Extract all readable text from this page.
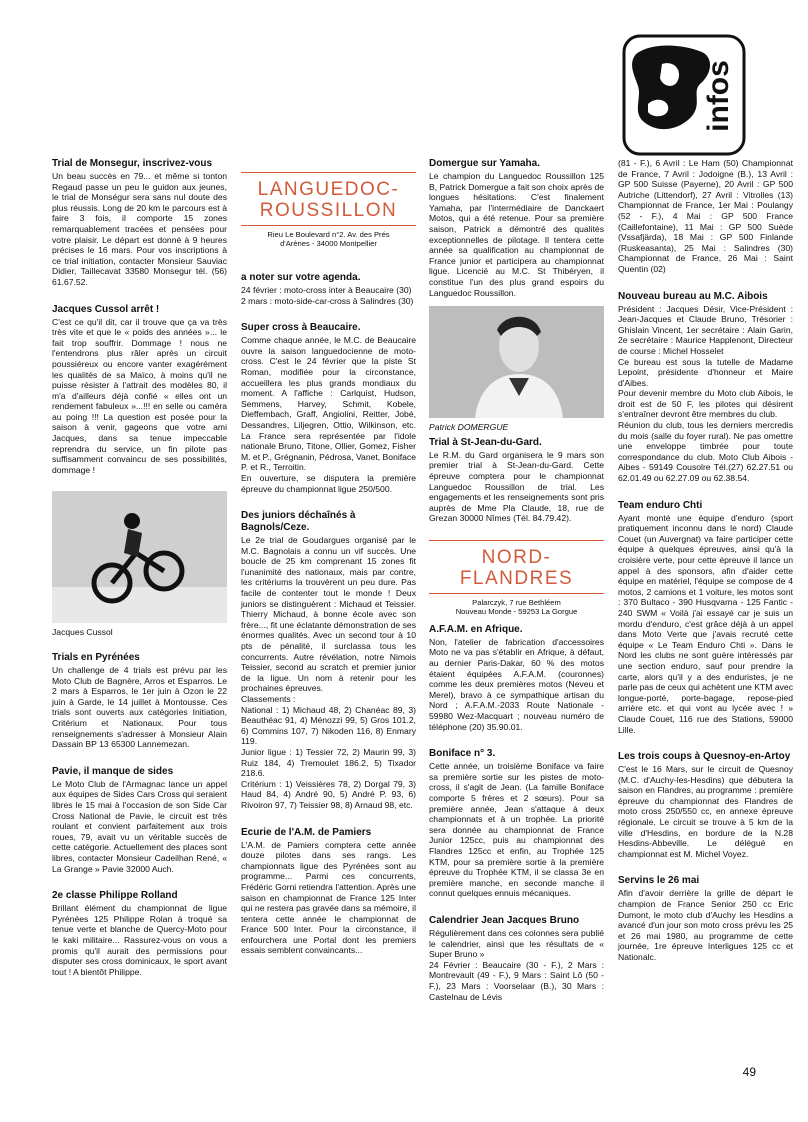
infos
Trial de Monsegur, inscrivez-vous

Un beau succès en 79... et même si tonton Regaud passe un peu le guidon aux jeunes, le trial de Monségur sera sans nul doute des plus réussis. Long de 20 km le parcours est à faire 3 fois, il comporte 15 zones remarquablement tracées et pensées pour votre plaisir. Le départ est donné à 9 heures précises le 16 mars. Pour vos inscriptions à ce trial initiation, contacter Monsieur Sauviac Didier, Taillecavat 33580 Monsegur tél. (56) 61.67.52.

Jacques Cussol arrêt !

C'est ce qu'il dit, car il trouve que ça va très très vite et que le « poids des années »... le fait trop souffrir. Dommage ! nous ne l'entendrons plus râler après un circuit poussiéreux ou encore vanter exagérément les qualités de sa Maïco, à moins qu'il ne puisse résister à l'attrait des modèles 80, il m'a d'ailleurs déjà confié « elles ont un rendement fabuleux »...!!! en selle ou caméra au poing !!! La question est posée pour la saison à venir, gageons que votre ami Jacques, dans sa tenue impeccable reprendra du service, un fin pilote pas suffisamment convaincu de ses possibilités, dommage !

Jacques Cussol
Trials en Pyrénées

Un challenge de 4 trials est prévu par les Moto Club de Bagnère, Arros et Esparros. Le 2 mars à Esparros, le 1er juin à Ozon le 22 juin à Garde, le 14 juillet à Montousse. Ces trials sont ouverts aux catégories Initiation, Critérium et Nationaux. Pour tous renseignements s'adresser à Monsieur Alain Dassain BP 13 65300 Lannemezan.

Pavie, il manque de sides

Le Moto Club de l'Armagnac lance un appel aux équipes de Sides Cars Cross qui seraient libres le 15 mai à l'occasion de son Side Car Cross National de Pavie, le circuit est très roulant et convient parfaitement aux trois roues, 79, avait vu un véritable succès de cette catégorie. Actuellement des places sont libres, contacter Monsieur Cadeilhan René, « La Grange » Pavie 32000 Auch.

2e classe Philippe Rolland

Brillant élément du championnat de ligue Pyrénées 125 Philippe Rolan à troqué sa tenue verte et blanche de Quercy-Moto pour le kaki militaire... Rassurez-vous on vous a promis qu'il aurait des permissions pour disputer ses cross dominicaux, le sport avant tout ! A bientôt Philippe.

LANGUEDOC-
ROUSSILLON
Rieu Le Boulevard n°2. Av. des Prés
d'Arènes - 34000 Montpellier
a noter sur votre agenda.

24 février : moto-cross inter à Beaucaire (30)
2 mars : moto-side-car-cross à Salindres (30)

Super cross à Beaucaire.

Comme chaque année, le M.C. de Beaucaire ouvre la saison languedocienne de moto-cross. C'est le 24 février que la piste St Roman, modifiée pour la circonstance, accueillera les plus grands mondiaux du moment. A l'affiche : Carlquist, Hudson, Semmens, Harvey, Schmit, Kobele, Dieffembach, Graff, Angiolini, Reitter, Jobé, Dessandres, Liljegren, Ottio, Wilkinson, etc. La France sera représentée par l'idole nationale Bruno, Titone, Ollier, Gomez, Fisher M. et P., Grégnanin, Pédrosa, Vanet, Boniface P. et R., Terroitin.
En ouverture, se disputera la première épreuve du championnat ligue 250/500.

Des juniors déchaînés à Bagnols/Ceze.

Le 2e trial de Goudargues organisé par le M.C. Bagnolais a connu un vif succès. Une boucle de 25 km comprenant 15 zones fit l'unanimité des nationaux, mais par contre, les critériums la trouvèrent un peu dure. Pas facile de contenter tout le monde ! Deux juniors se distinguèrent : Michaud et Teissier. Thierry Michaud, à bonne école avec son frère..., fit une éclatante démonstration de ses énormes qualités. Avec un second tour à 10 pts de pénalité, il surclassa tous les concurrents. Autre révélation, notre Nimois Teissier, second au scratch et premier junior de la ligue. Un nom à retenir pour les prochaines épreuves.
Classements :
National : 1) Michaud 48, 2) Chanéac 89, 3) Beauthéac 91, 4) Ménozzi 99, 5) Gros 101.2, 6) Commins 107, 7) Nikoden 116, 8) Enmary 119.
Junior ligue : 1) Tessier 72, 2) Maurin 99, 3) Ruiz 184, 4) Tremoulet 186.2, 5) Tixador 218.6.
Critérium : 1) Veissières 78, 2) Dorgal 79, 3) Haud 84, 4) André 90, 5) André P. 93, 6) Rivoiron 97, 7) Teissier 98, 8) Arnaud 98, etc.

Ecurie de l'A.M. de Pamiers

L'A.M. de Pamiers comptera cette année douze pilotes dans ses rangs. Les championnats ligue des Pyrénées sont au programme... Parmi ces concurrents, Frédéric Gorni retiendra l'attention. Après une saison en championnat de France 125 Inter qui ne restera pas gravée dans sa mémoire, il tentera cette année le championnat de France 500 Inter. Pour la circonstance, il enfourchera une Portal dont les premiers essais semblent convaincants...

Domergue sur Yamaha.

Le champion du Languedoc Roussillon 125 B, Patrick Domergue a fait son choix après de longues hésitations. C'est finalement Yamaha, par l'intermédiaire de Danckaert Motos, qui a été retenue. Pour sa première saison, Patrick a démontré des qualités exceptionnelles de pilotage. Il tentera cette année sa qualification au championnat de France junior et participera au championnat ligue. Licencié au M.C. St Thibéryen, il constitue l'un des plus grand espoirs du Languedoc Roussillon.

Patrick DOMERGUE
Trial à St-Jean-du-Gard.

Le R.M. du Gard organisera le 9 mars son premier trial à St-Jean-du-Gard. Cette épreuve comptera pour le championnat Languedoc Roussillon de trial. Les engagements et les renseignements sont pris auprès de Mme Pla Claude, 18, rue de Grezan 30000 Nîmes (Tél. 84.79.42).

NORD-
FLANDRES
Palarczyk, 7 rue Bethléem
Nouveau Monde - 59253 La Gorgue
A.F.A.M. en Afrique.

Non, l'atelier de fabrication d'accessoires Moto ne va pas s'établir en Afrique, à défaut, au dernier Paris-Dakar, 60 % des motos étaient équipées A.F.A.M. (couronnes) comme les deux premières motos (Neveu et Merel), bravo à ce sympathique artisan du Nord ; A.F.A.M.-2033 Route Nationale - 59980 Wez-Macquart ; nouveau numéro de téléphone (20) 35.90.01.

Boniface n° 3.

Cette année, un troisième Boniface va faire sa première sortie sur les pistes de moto-cross, il s'agit de Jean. (La famille Boniface comporte 5 frères et 2 sœurs). Pour sa première année, Jean s'attaque à deux championnats et à un trophée. La priorité sera donnée au championnat de France Junior 125cc, puis au championnat des Flandres 125cc et enfin, au Trophée 125 KTM, pour sa première sortie à la première épreuve du Trophée KTM, il se classa 3e en première manche, en seconde manche il connut quelques ennuis mécaniques.

Calendrier Jean Jacques Bruno

Régulièrement dans ces colonnes sera publié le calendrier, ainsi que les résultats de « Super Bruno »
24 Février : Beaucaire (30 - F.), 2 Mars : Montrevault (49 - F.), 9 Mars : Saint Lô (50 - F.), 23 Mars : Voorselaar (B.), 30 Mars : Castelnau de Lévis

(81 - F.), 6 Avril : Le Ham (50) Championnat de France, 7 Avril : Jodoigne (B.), 13 Avril : GP 500 Suisse (Payerne), 20 Avril : GP 500 Autriche (Littendorf), 27 Avril : Vitrolles (13) Championnat de France, 1er Mai : Poulangy (52 - F.), 4 Mai : GP 500 France (Caillefontaine), 11 Mai : GP 500 Suède (Vssafjärda), 18 Mai : GP 500 Finlande (Ruskeasanta), 25 Mai : Salindres (30) Championnat de France, 26 Mai : Saint Quentin (02)

Nouveau bureau au M.C. Aibois

Président : Jacques Désir, Vice-Président : Jean-Jacques et Claude Bruno, Trésorier : Ghislain Vincent, 1er secrétaire : Alain Garin, 2e secrétaire : Maurice Happlenont, Directeur de course : Michel Hosselet
Ce bureau est sous la tutelle de Madame Lepoint, présidente d'honneur et Maire d'Aibes.
Pour devenir membre du Moto club Aibois, le droit est de 50 F, les pilotes qui désirent s'entraîner devront être membres du club.
Réunion du club, tous les derniers mercredis du mois (salle du foyer rural). Ne pas omettre une enveloppe timbrée pour toute correspondance du club. Moto Club Aibois - Aibes - 59149 Cousolre Tél.(27) 62.27.51 ou 62.01.49 ou 62.27.09 ou 62.38.54.

Team enduro Chti

Ayant monté une équipe d'enduro (sport pratiquement inconnu dans le nord) Claude Couet (un Auvergnat) va faire participer cette équipe à quelques épreuves, ainsi qu'à la croisière verte, pour cette épreuve il lance un appel à des sponsors, afin d'aider cette équipe en matériel, l'équipe se compose de 4 motos, 2 camions et 1 voiture, les motos sont : 370 Bultaco - 390 Husqvarna - 125 Fantic - 240 SWM « Voilà j'ai essayé car je suis un mordu d'enduro, c'est grâce déjà à un appel dans Moto Verte que j'avais recruté cette équipe « Le Team Enduro Chti ». Dans le Nord les clubs ne sont guère intéressés par une section enduro, sauf pour prendre la carte, alors qu'il y a des enduristes, je ne parle pas de ceux qui achètent une KTM avec longue-porté, porte-bagage, repose-pied arrière etc. et qui vont au lycée avec ! » Claude Couet, 116 rue des Stations, 59000 Lille.

Les trois coups à Quesnoy-en-Artoy

C'est le 16 Mars, sur le circuit de Quesnoy (M.C. d'Auchy-les-Hesdins) que débutera la saison en Flandres, au programme : première épreuve du championnat des Flandres de moto cross 250/550 cc, en annexe épreuve régionale. Le circuit se trouve à 5 km de la ville d'Hesdins, en bordure de la N.28 Hesdins-Abbeville. Le délégué en championnat est M. Michel Voyez.

Servins le 26 mai

Afin d'avoir derrière la grille de départ le champion de France Senior 250 cc Eric Dumont, le moto club d'Auchy les Hesdins a avancé d'un jour son moto cross prévu les 25 et 26 mai 1980, au programme de cette journée, 1re épreuve Interligues 125 cc et Nationalc.

49
